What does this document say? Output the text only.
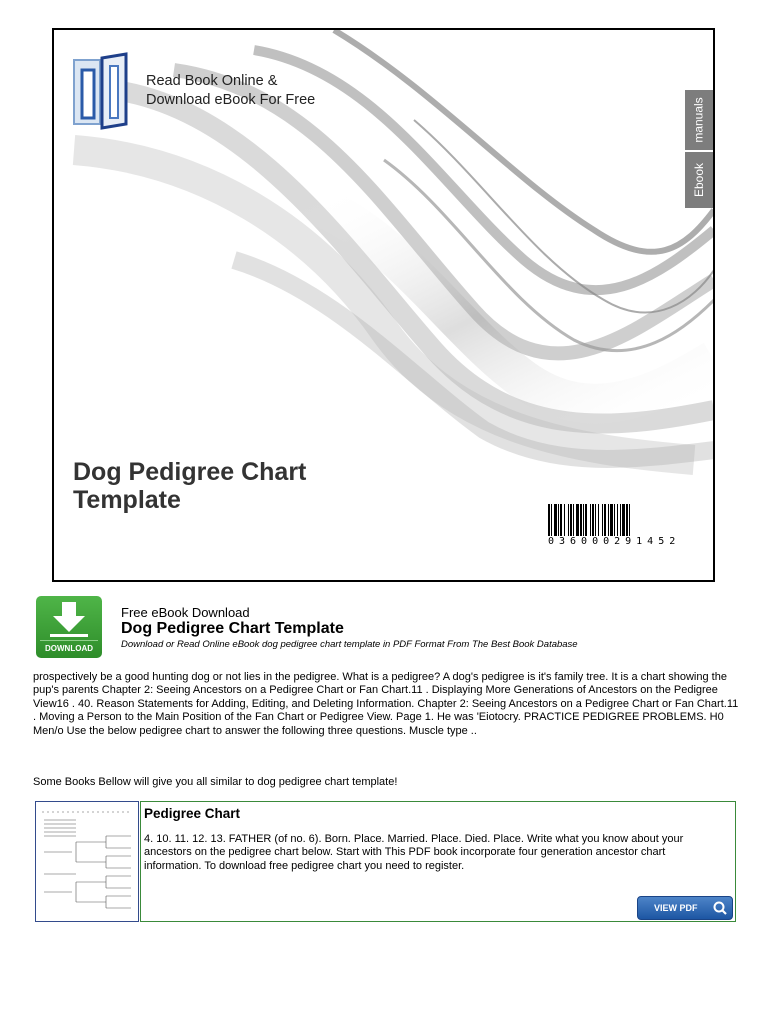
Read Book Online &
Download eBook For Free	manuals
Ebook
Dog Pedigree Chart
Template
036000291452
DOWNLOAD
Free eBook Download
Dog Pedigree Chart Template
Download or Read Online eBook dog pedigree chart template in PDF Format From The Best Book Database
prospectively be a good hunting dog or not lies in the pedigree. What is a pedigree? A dog's pedigree is it's family tree. It is a chart showing the pup's parents Chapter 2: Seeing Ancestors on a Pedigree Chart or Fan Chart.11 . Displaying More Generations of Ancestors on the Pedigree View16 . 40. Reason Statements for Adding, Editing, and Deleting Information. Chapter 2: Seeing Ancestors on a Pedigree Chart or Fan Chart.11 . Moving a Person to the Main Position of the Fan Chart or Pedigree View. Page 1. He was 'Eiotocry. PRACTICE PEDIGREE PROBLEMS. H0 Men/o Use the below pedigree chart to answer the following three questions. Muscle type ..
Some Books Bellow will give you all similar to dog pedigree chart template!
Pedigree Chart
4. 10. 11. 12. 13. FATHER (of no. 6). Born. Place. Married. Place. Died. Place. Write what you know about your ancestors on the pedigree chart below. Start with This PDF book incorporate four generation ancestor chart information. To download free pedigree chart you need to register.
VIEW PDF
